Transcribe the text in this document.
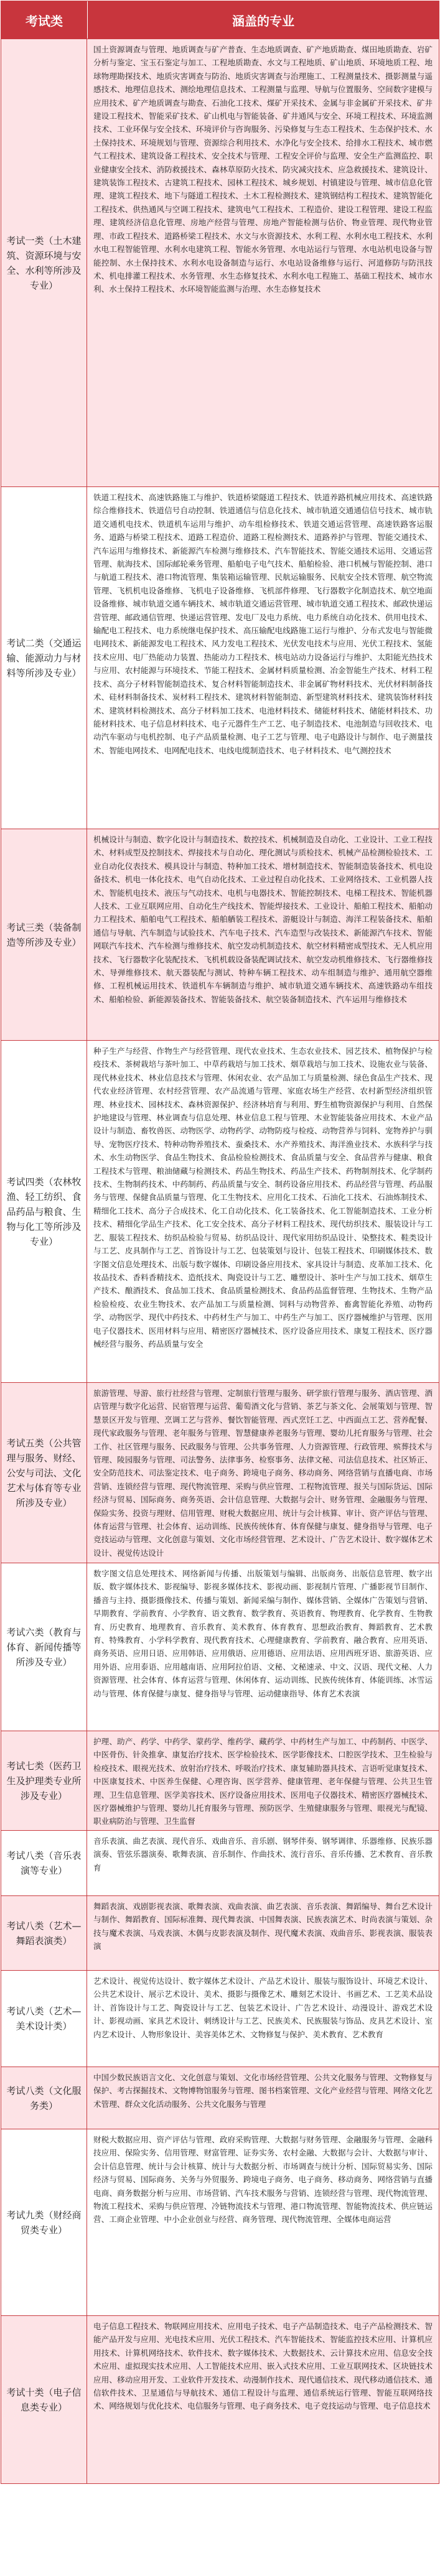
考试类	涵盖的专业
考试一类（土木建筑、资源环境与安全、水利等所涉及专业）
国土资源调查与管理、地质调查与矿产普查、生态地质调查、矿产地质勘查、煤田地质勘查、岩矿分析与鉴定、宝玉石鉴定与加工、工程地质勘查、水文与工程地质、矿山地质、环境地质工程、地球物理勘探技术、地质灾害调查与防治、地质灾害调查与治理施工、工程测量技术、摄影测量与遥感技术、地理信息技术、测绘地理信息技术、工程测量与监理、导航与位置服务、空间数字建模与应用技术、矿产地质调查与勘查、石油化工技术、煤矿开采技术、金属与非金属矿开采技术、矿井建设工程技术、智能采矿技术、矿山机电与智能装备、矿井通风与安全、环境工程技术、环境监测技术、工业环保与安全技术、环境评价与咨询服务、污染修复与生态工程技术、生态保护技术、水土保持技术、环境规划与管理、资源综合利用技术、水净化与安全技术、给排水工程技术、城市燃气工程技术、建筑设备工程技术、安全技术与管理、工程安全评价与监理、安全生产监测监控、职业健康安全技术、消防救援技术、森林草原防火技术、防灾减灾技术、应急救援技术、建筑设计、建筑装饰工程技术、古建筑工程技术、园林工程技术、城乡规划、村镇建设与管理、城市信息化管理、建筑工程技术、地下与隧道工程技术、土木工程检测技术、建筑钢结构工程技术、建筑智能化工程技术、供热通风与空调工程技术、建筑电气工程技术、工程造价、建设工程管理、建设工程监理、建筑经济信息化管理、房地产经营与管理、房地产智能检测与估价、物业管理、现代物业管理、市政工程技术、道路桥梁工程技术、水文与水资源技术、水利工程、水利水电工程技术、水利水电工程智能管理、水利水电建筑工程、智能水务管理、水电站运行与管理、水电站机电设备与智能控制、水土保持技术、水利水电设备制造与运行、水电站设备维修与运行、河道修防与防汛技术、机电排灌工程技术、水务管理、水生态修复技术、水利水电工程施工、基础工程技术、城市水利、水土保持工程技术、水环境智能监测与治理、水生态修复技术
考试二类（交通运输、能源动力与材料等所涉及专业）
铁道工程技术、高速铁路施工与维护、铁道桥梁隧道工程技术、铁道养路机械应用技术、高速铁路综合维修技术、铁道信号自动控制、铁道通信与信息化技术、城市轨道交通通信信号技术、城市轨道交通机电技术、铁道机车运用与维护、动车组检修技术、铁道交通运营管理、高速铁路客运服务、道路与桥梁工程技术、道路工程造价、道路工程检测技术、道路养护与管理、智能交通技术、汽车运用与维修技术、新能源汽车检测与维修技术、汽车智能技术、智能交通技术运用、交通运营管理、航海技术、国际邮轮乘务管理、船舶电子电气技术、船舶检验、港口机械与智能控制、港口与航道工程技术、港口物流管理、集装箱运输管理、民航运输服务、民航安全技术管理、航空物流管理、飞机机电设备维修、飞机电子设备维修、飞机部件修理、飞行器数字化制造技术、航空地面设备维修、城市轨道交通车辆技术、城市轨道交通运营管理、城市轨道交通工程技术、邮政快递运营管理、邮政通信管理、快递运营管理、发电厂及电力系统、电力系统自动化技术、供用电技术、输配电工程技术、电力系统继电保护技术、高压输配电线路施工运行与维护、分布式发电与智能微电网技术、新能源发电工程技术、风力发电工程技术、光伏发电技术与应用、光伏工程技术、氢能技术应用、电厂热能动力装置、热能动力工程技术、核电站动力设备运行与维护、太阳能光热技术与应用、农村能源与环境技术、节能工程技术、金属材料质量检测、冶金智能生产技术、材料工程技术、高分子材料智能制造技术、复合材料智能制造技术、非金属矿物材料技术、光伏材料制备技术、硅材料制备技术、炭材料工程技术、建筑材料智能制造、新型建筑材料技术、建筑装饰材料技术、建筑材料检测技术、高分子材料加工技术、电池材料技术、储能材料技术、储能材料技术、功能材料技术、电子信息材料技术、电子元器件生产工艺、电子制造技术、电池制造与回收技术、电动汽车驱动与电机控制、电子产品质量检测、电子工艺与管理、电子电路设计与制作、电子测量技术、智能电网技术、电网配电技术、电线电缆制造技术、电子材料技术、电气测控技术
考试三类（装备制造等所涉及专业）
机械设计与制造、数字化设计与制造技术、数控技术、机械制造及自动化、工业设计、工业工程技术、材料成型及控制技术、焊接技术与自动化、理化测试与质检技术、机械产品检测检验技术、工业自动化仪表技术、模具设计与制造、特种加工技术、增材制造技术、智能制造装备技术、机电设备技术、机电一体化技术、电气自动化技术、工业过程自动化技术、工业网络技术、工业机器人技术、智能机电技术、液压与气动技术、电机与电器技术、智能控制技术、电梯工程技术、智能机器人技术、工业互联网应用、自动化生产线技术、智能焊接技术、工业设计、船舶工程技术、船舶动力工程技术、船舶电气工程技术、船舶舾装工程技术、游艇设计与制造、海洋工程装备技术、船舶通信与导航、汽车制造与试验技术、汽车电子技术、汽车造型与改装技术、新能源汽车技术、智能网联汽车技术、汽车检测与维修技术、航空发动机制造技术、航空材料精密成型技术、无人机应用技术、飞行器数字化装配技术、飞机机载设备装配调试技术、航空发动机维修技术、飞行器维修技术、导弹维修技术、航天器装配与测试、特种车辆工程技术、动车组制造与维护、通用航空器维修、工程机械运用技术、铁道机车车辆制造与维护、城市轨道交通车辆技术、高速铁路动车组技术、船舶检验、新能源装备技术、智能装备技术、航空装备制造技术、汽车运用与维修技术
考试四类（农林牧渔、轻工纺织、食品药品与粮食、生物与化工等所涉及专业）
种子生产与经营、作物生产与经营管理、现代农业技术、生态农业技术、园艺技术、植物保护与检疫技术、茶树栽培与茶叶加工、中草药栽培与加工技术、烟草栽培与加工技术、设施农业与装备、现代林业技术、林业信息技术与管理、休闲农业、农产品加工与质量检测、绿色食品生产技术、现代农业经济管理、农村经营管理、农产品流通与管理、家庭农场生产经营、农村新型经济组织管理、林业技术、园林技术、森林资源保护、经济林培育与利用、野生植物资源保护与利用、自然保护地建设与管理、林业调查与信息处理、林业信息工程与管理、木业智能装备应用技术、木业产品设计与制造、畜牧兽医、动物医学、动物药学、动物防疫与检疫、动物营养与饲料、宠物养护与驯导、宠物医疗技术、特种动物养殖技术、蚕桑技术、水产养殖技术、海洋渔业技术、水族科学与技术、水生动物医学、食品生物技术、食品检验检测技术、食品质量与安全、食品营养与健康、粮食工程技术与管理、粮油储藏与检测技术、药品生物技术、药品生产技术、药物制剂技术、化学制药技术、生物制药技术、中药制药、药品质量与安全、制药设备应用技术、药品经营与管理、药品服务与管理、保健食品质量与管理、化工生物技术、应用化工技术、石油化工技术、石油炼制技术、精细化工技术、高分子合成技术、化工自动化技术、化工装备技术、化工智能制造技术、工业分析技术、精细化学品生产技术、化工安全技术、高分子材料工程技术、现代纺织技术、服装设计与工艺、服装工程技术、纺织品检验与贸易、纺织品设计、现代家用纺织品设计、染整技术、鞋类设计与工艺、皮具制作与工艺、首饰设计与工艺、包装策划与设计、包装工程技术、印刷媒体技术、数字图文信息处理技术、出版与数字媒体、印刷设备应用技术、家具设计与制造、皮革加工技术、化妆品技术、香料香精技术、造纸技术、陶瓷设计与工艺、雕塑设计、茶叶生产与加工技术、烟草生产技术、酿酒技术、食品加工技术、食品质量检测技术、食品药品监督管理、生物技术、生物产品检验检疫、农业生物技术、农产品加工与质量检测、饲料与动物营养、畜禽智能化养殖、动物药学、动物医学、现代中药技术、中药材生产与加工、中药生产与加工、医疗器械维护与管理、医用电子仪器技术、医用材料与应用、精密医疗器械技术、医疗设备应用技术、康复工程技术、医疗器械经营与服务、药品质量与安全
考试五类（公共管理与服务、财经、公安与司法、文化艺术与体育等专业所涉及专业）
旅游管理、导游、旅行社经营与管理、定制旅行管理与服务、研学旅行管理与服务、酒店管理、酒店管理与数字化运营、民宿管理与运营、葡萄酒文化与营销、茶艺与茶文化、会展策划与管理、智慧景区开发与管理、烹调工艺与营养、餐饮智能管理、西式烹饪工艺、中西面点工艺、营养配餐、现代家政服务与管理、老年服务与管理、智慧健康养老服务与管理、婴幼儿托育服务与管理、社会工作、社区管理与服务、民政服务与管理、公共事务管理、人力资源管理、行政管理、殡葬技术与管理、陵园服务与管理、司法警务、法律事务、检察事务、法律文秘、司法信息技术、社区矫正、安全防范技术、司法鉴定技术、电子商务、跨境电子商务、移动商务、网络营销与直播电商、市场营销、连锁经营与管理、现代物流管理、采购与供应管理、工程物流管理、报关与国际货运、国际经济与贸易、国际商务、商务英语、会计信息管理、大数据与会计、财务管理、金融服务与管理、保险实务、投资与理财、信用管理、财税大数据应用、统计与会计核算、审计、资产评估与管理、体育运营与管理、社会体育、运动训练、民族传统体育、体育保健与康复、健身指导与管理、电子竞技运动与管理、文化创意与策划、文化市场经营管理、艺术设计、广告艺术设计、数字媒体艺术设计、视觉传达设计
考试六类（教育与体育、新闻传播等所涉及专业）
数字图文信息处理技术、网络新闻与传播、出版策划与编辑、出版商务、出版信息管理、数字出版、数字媒体技术、影视编导、影视多媒体技术、影视动画、影视制片管理、广播影视节目制作、播音与主持、摄影摄像技术、传播与策划、新闻采编与制作、媒体营销、全媒体广告策划与营销、早期教育、学前教育、小学教育、语文教育、数学教育、英语教育、物理教育、化学教育、生物教育、历史教育、地理教育、音乐教育、美术教育、体育教育、思想政治教育、舞蹈教育、艺术教育、特殊教育、小学科学教育、现代教育技术、心理健康教育、学前教育、融合教育、应用英语、商务英语、应用日语、应用韩语、应用俄语、应用德语、应用法语、应用西班牙语、旅游英语、应用外语、应用泰语、应用越南语、应用阿拉伯语、文秘、文秘速录、中文、汉语、现代文秘、人力资源管理、社会体育、体育运营与管理、休闲体育、运动训练、民族传统体育、体能训练、冰雪运动与管理、体育保健与康复、健身指导与管理、运动健康指导、体育艺术表演
考试七类（医药卫生及护理类专业所涉及专业）
护理、助产、药学、中药学、蒙药学、维药学、藏药学、中药材生产与加工、中药制药、中医学、中医骨伤、针灸推拿、康复治疗技术、医学检验技术、医学影像技术、口腔医学技术、卫生检验与检疫技术、眼视光技术、放射治疗技术、呼吸治疗技术、康复辅助器具技术、言语听觉康复技术、中医康复技术、中医养生保健、心理咨询、医学营养、健康管理、老年保健与管理、公共卫生管理、卫生信息管理、医学美容技术、医疗设备应用技术、医用电子仪器技术、精密医疗器械技术、医疗器械维护与管理、婴幼儿托育服务与管理、预防医学、生殖健康服务与管理、眼视光与配镜、职业病防治与管理、卫生监督
考试八类（音乐表演等专业）
音乐表演、曲艺表演、现代音乐、戏曲音乐、音乐剧、钢琴伴奏、钢琴调律、乐器维修、民族乐器演奏、管弦乐器演奏、歌舞表演、音乐制作、作曲技术、流行音乐、音乐传播、艺术教育、音乐教育
考试八类（艺术—舞蹈表演类）
舞蹈表演、戏剧影视表演、歌舞表演、戏曲表演、曲艺表演、音乐表演、舞蹈编导、舞台艺术设计与制作、舞蹈教育、国际标准舞、现代舞表演、中国舞表演、民族表演艺术、时尚表演与策划、杂技与魔术表演、马戏表演、木偶与皮影表演及制作、现代魔术表演、戏曲音乐、影视表演、服装表演
考试八类（艺术—美术设计类）
艺术设计、视觉传达设计、数字媒体艺术设计、产品艺术设计、服装与服饰设计、环境艺术设计、公共艺术设计、展示艺术设计、美术、摄影与摄像艺术、雕刻艺术设计、书画艺术、工艺美术品设计、首饰设计与工艺、陶瓷设计与工艺、包装艺术设计、广告艺术设计、动漫设计、游戏艺术设计、影视动画、家具艺术设计、刺绣设计与工艺、民族美术、民族服装与饰品、皮具艺术设计、室内艺术设计、人物形象设计、美容美体艺术、文物修复与保护、美术教育、艺术教育
考试八类（文化服务类）
中国少数民族语言文化、文化创意与策划、文化市场经营管理、公共文化服务与管理、文物修复与保护、考古探掘技术、文物博物馆服务与管理、图书档案管理、文化产业经营与管理、网络文化艺术管理、群众文化活动服务、公共文化服务与管理
考试九类（财经商贸类专业）
财税大数据应用、资产评估与管理、政府采购管理、大数据与财务管理、金融服务与管理、金融科技应用、保险实务、信用管理、财富管理、证券实务、农村金融、大数据与会计、大数据与审计、会计信息管理、统计与会计核算、统计与大数据分析、市场调查与统计分析、国际贸易实务、国际经济与贸易、国际商务、关务与外贸服务、跨境电子商务、电子商务、移动商务、网络营销与直播电商、商务数据分析与应用、市场营销、汽车技术服务与营销、连锁经营与管理、现代物流管理、物流工程技术、采购与供应管理、冷链物流技术与管理、港口物流管理、智能物流技术、供应链运营、工商企业管理、中小企业创业与经营、商务管理、现代物流管理、全媒体电商运营
考试十类（电子信息类专业）
电子信息工程技术、物联网应用技术、应用电子技术、电子产品制造技术、电子产品检测技术、智能产品开发与应用、光电技术应用、光伏工程技术、汽车智能技术、智能监控技术应用、计算机应用技术、计算机网络技术、软件技术、数字媒体技术、大数据技术、云计算技术应用、信息安全技术应用、虚拟现实技术应用、人工智能技术应用、嵌入式技术应用、工业互联网技术、区块链技术应用、移动应用开发、工业软件开发技术、动漫制作技术、现代通信技术、现代移动通信技术、通信软件技术、卫星通信与导航技术、通信工程设计与监理、通信系统运行管理、智能互联网络技术、网络规划与优化技术、电信服务与管理、电子商务技术、电子竞技运动与管理、电子信息技术
